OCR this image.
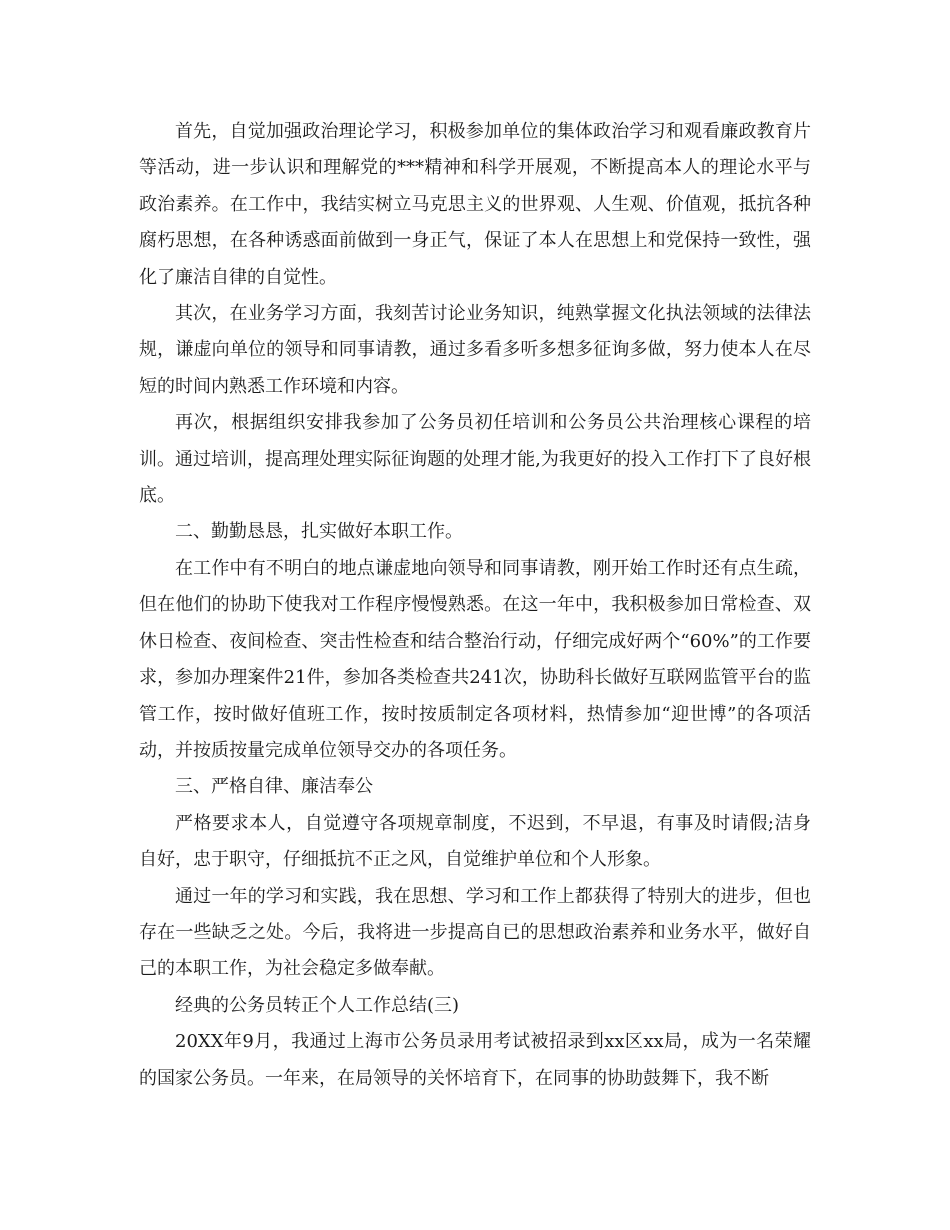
首先，自觉加强政治理论学习，积极参加单位的集体政治学习和观看廉政教育片等活动，进一步认识和理解党的***精神和科学开展观，不断提高本人的理论水平与政治素养。在工作中，我结实树立马克思主义的世界观、人生观、价值观，抵抗各种腐朽思想，在各种诱惑面前做到一身正气，保证了本人在思想上和党保持一致性，强化了廉洁自律的自觉性。

其次，在业务学习方面，我刻苦讨论业务知识，纯熟掌握文化执法领域的法律法规，谦虚向单位的领导和同事请教，通过多看多听多想多征询多做，努力使本人在尽短的时间内熟悉工作环境和内容。

再次，根据组织安排我参加了公务员初任培训和公务员公共治理核心课程的培训。通过培训，提高理处理实际征询题的处理才能,为我更好的投入工作打下了良好根底。

二、勤勤恳恳，扎实做好本职工作。

在工作中有不明白的地点谦虚地向领导和同事请教，刚开始工作时还有点生疏，但在他们的协助下使我对工作程序慢慢熟悉。在这一年中，我积极参加日常检查、双休日检查、夜间检查、突击性检查和结合整治行动，仔细完成好两个“60%”的工作要求，参加办理案件21件，参加各类检查共241次，协助科长做好互联网监管平台的监管工作，按时做好值班工作，按时按质制定各项材料，热情参加“迎世博”的各项活动，并按质按量完成单位领导交办的各项任务。

三、严格自律、廉洁奉公

严格要求本人，自觉遵守各项规章制度，不迟到，不早退，有事及时请假;洁身自好，忠于职守，仔细抵抗不正之风，自觉维护单位和个人形象。

通过一年的学习和实践，我在思想、学习和工作上都获得了特别大的进步，但也存在一些缺乏之处。今后，我将进一步提高自已的思想政治素养和业务水平，做好自己的本职工作，为社会稳定多做奉献。

经典的公务员转正个人工作总结(三)

20XX年9月，我通过上海市公务员录用考试被招录到xx区xx局，成为一名荣耀的国家公务员。一年来，在局领导的关怀培育下，在同事的协助鼓舞下，我不断
